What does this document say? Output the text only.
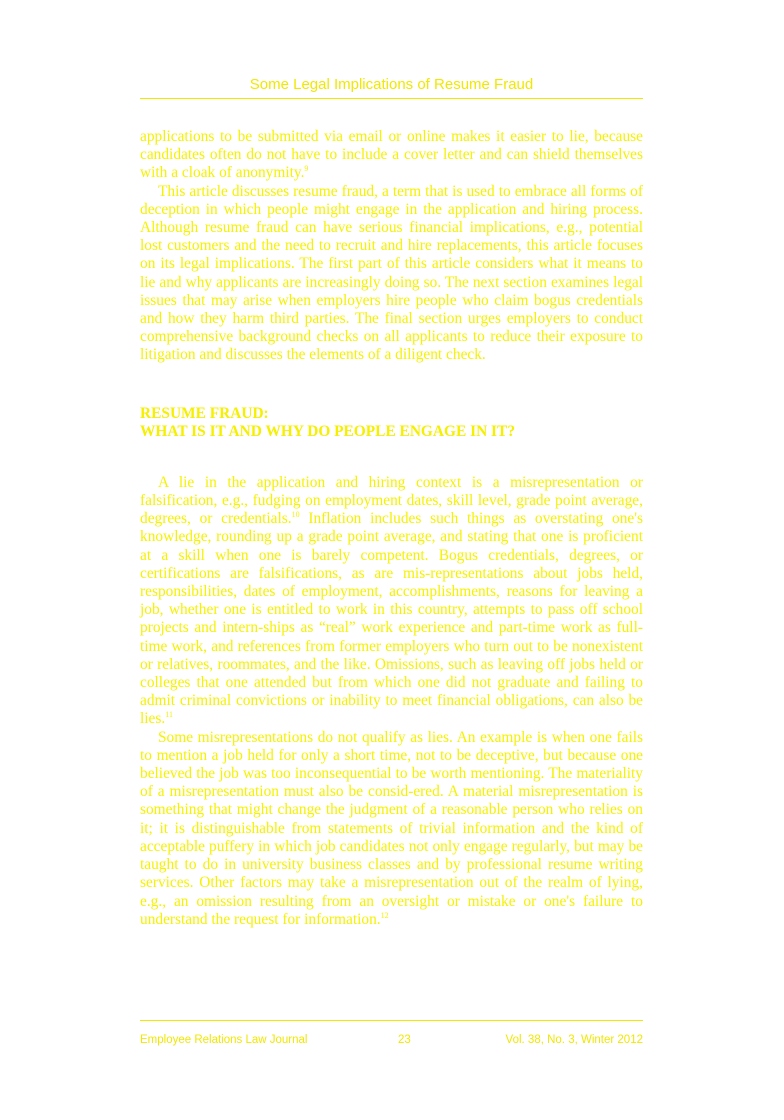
Some Legal Implications of Resume Fraud

applications to be submitted via email or online makes it easier to lie, because candidates often do not have to include a cover letter and can shield themselves with a cloak of anonymity.$^9$

This article discusses resume fraud, a term that is used to embrace all forms of deception in which people might engage in the application and hiring process. Although resume fraud can have serious financial implications, e.g., potential lost customers and the need to recruit and hire replacements, this article focuses on its legal implications. The first part of this article considers what it means to lie and why applicants are increasingly doing so. The next section examines legal issues that may arise when employers hire people who claim bogus credentials and how they harm third parties. The final section urges employers to conduct comprehensive background checks on all applicants to reduce their exposure to litigation and discusses the elements of a diligent check.

RESUME FRAUD:
WHAT IS IT AND WHY DO PEOPLE ENGAGE IN IT?

A lie in the application and hiring context is a misrepresentation or falsification, e.g., fudging on employment dates, skill level, grade point average, degrees, or credentials.$^{10}$ Inflation includes such things as overstating one's knowledge, rounding up a grade point average, and stating that one is proficient at a skill when one is barely competent. Bogus credentials, degrees, or certifications are falsifications, as are mis-representations about jobs held, responsibilities, dates of employment, accomplishments, reasons for leaving a job, whether one is entitled to work in this country, attempts to pass off school projects and intern-ships as “real” work experience and part-time work as full-time work, and references from former employers who turn out to be nonexistent or relatives, roommates, and the like. Omissions, such as leaving off jobs held or colleges that one attended but from which one did not graduate and failing to admit criminal convictions or inability to meet financial obligations, can also be lies.$^{11}$

Some misrepresentations do not qualify as lies. An example is when one fails to mention a job held for only a short time, not to be deceptive, but because one believed the job was too inconsequential to be worth mentioning. The materiality of a misrepresentation must also be consid-ered. A material misrepresentation is something that might change the judgment of a reasonable person who relies on it; it is distinguishable from statements of trivial information and the kind of acceptable puffery in which job candidates not only engage regularly, but may be taught to do in university business classes and by professional resume writing services. Other factors may take a misrepresentation out of the realm of lying, e.g., an omission resulting from an oversight or mistake or one's failure to understand the request for information.$^{12}$

Employee Relations Law Journal	23	Vol. 38, No. 3, Winter 2012
